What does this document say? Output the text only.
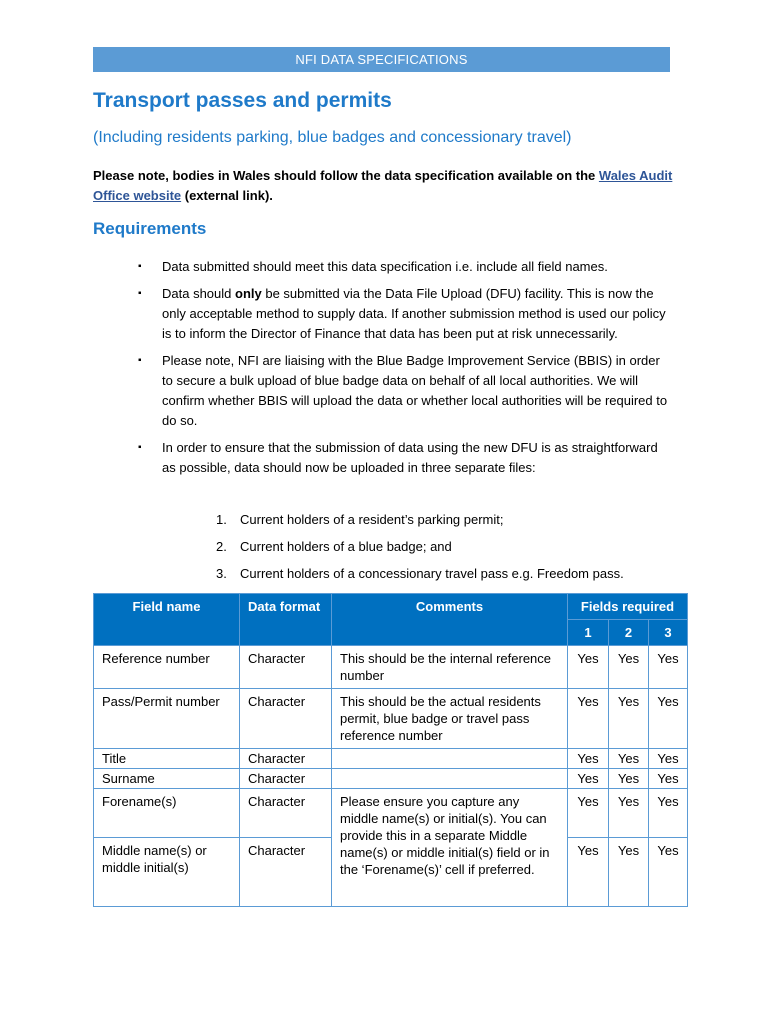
NFI DATA SPECIFICATIONS
Transport passes and permits

(Including residents parking, blue badges and concessionary travel)

Please note, bodies in Wales should follow the data specification available on the Wales Audit Office website (external link).

Requirements
▪ Data submitted should meet this data specification i.e. include all field names.
▪ Data should only be submitted via the Data File Upload (DFU) facility. This is now the only acceptable method to supply data. If another submission method is used our policy is to inform the Director of Finance that data has been put at risk unnecessarily.
▪ Please note, NFI are liaising with the Blue Badge Improvement Service (BBIS) in order to secure a bulk upload of blue badge data on behalf of all local authorities. We will confirm whether BBIS will upload the data or whether local authorities will be required to do so.
▪ In order to ensure that the submission of data using the new DFU is as straightforward as possible, data should now be uploaded in three separate files:
1. Current holders of a resident’s parking permit;
2. Current holders of a blue badge; and
3. Current holders of a concessionary travel pass e.g. Freedom pass.
Field name	Data format	Comments	Fields required		
			1	2	3
Reference number	Character	This should be the internal reference number	Yes	Yes	Yes
Pass/Permit number	Character	This should be the actual residents permit, blue badge or travel pass reference number	Yes	Yes	Yes
Title	Character		Yes	Yes	Yes
Surname	Character		Yes	Yes	Yes
Forename(s)	Character	Please ensure you capture any middle name(s) or initial(s). You can provide this in a separate Middle name(s) or middle initial(s) field or in the ‘Forename(s)’ cell if preferred.	Yes	Yes	Yes
Middle name(s) or middle initial(s)	Character		Yes	Yes	Yes
